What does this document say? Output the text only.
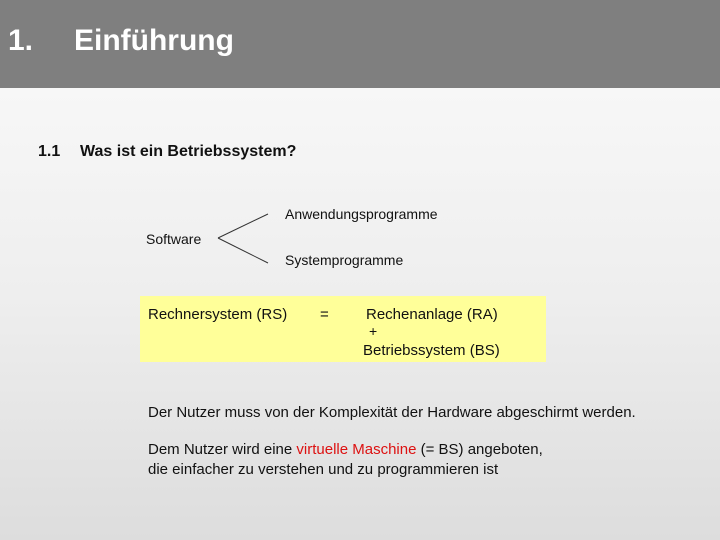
1. Einführung
1.1 Was ist ein Betriebssystem?
Anwendungsprogramme
Software
Systemprogramme
Rechnersystem (RS) = Rechenanlage (RA)
+
Betriebssystem (BS)
Der Nutzer muss von der Komplexität der Hardware abgeschirmt werden.
Dem Nutzer wird eine virtuelle Maschine (= BS) angeboten,
die einfacher zu verstehen und zu programmieren ist
